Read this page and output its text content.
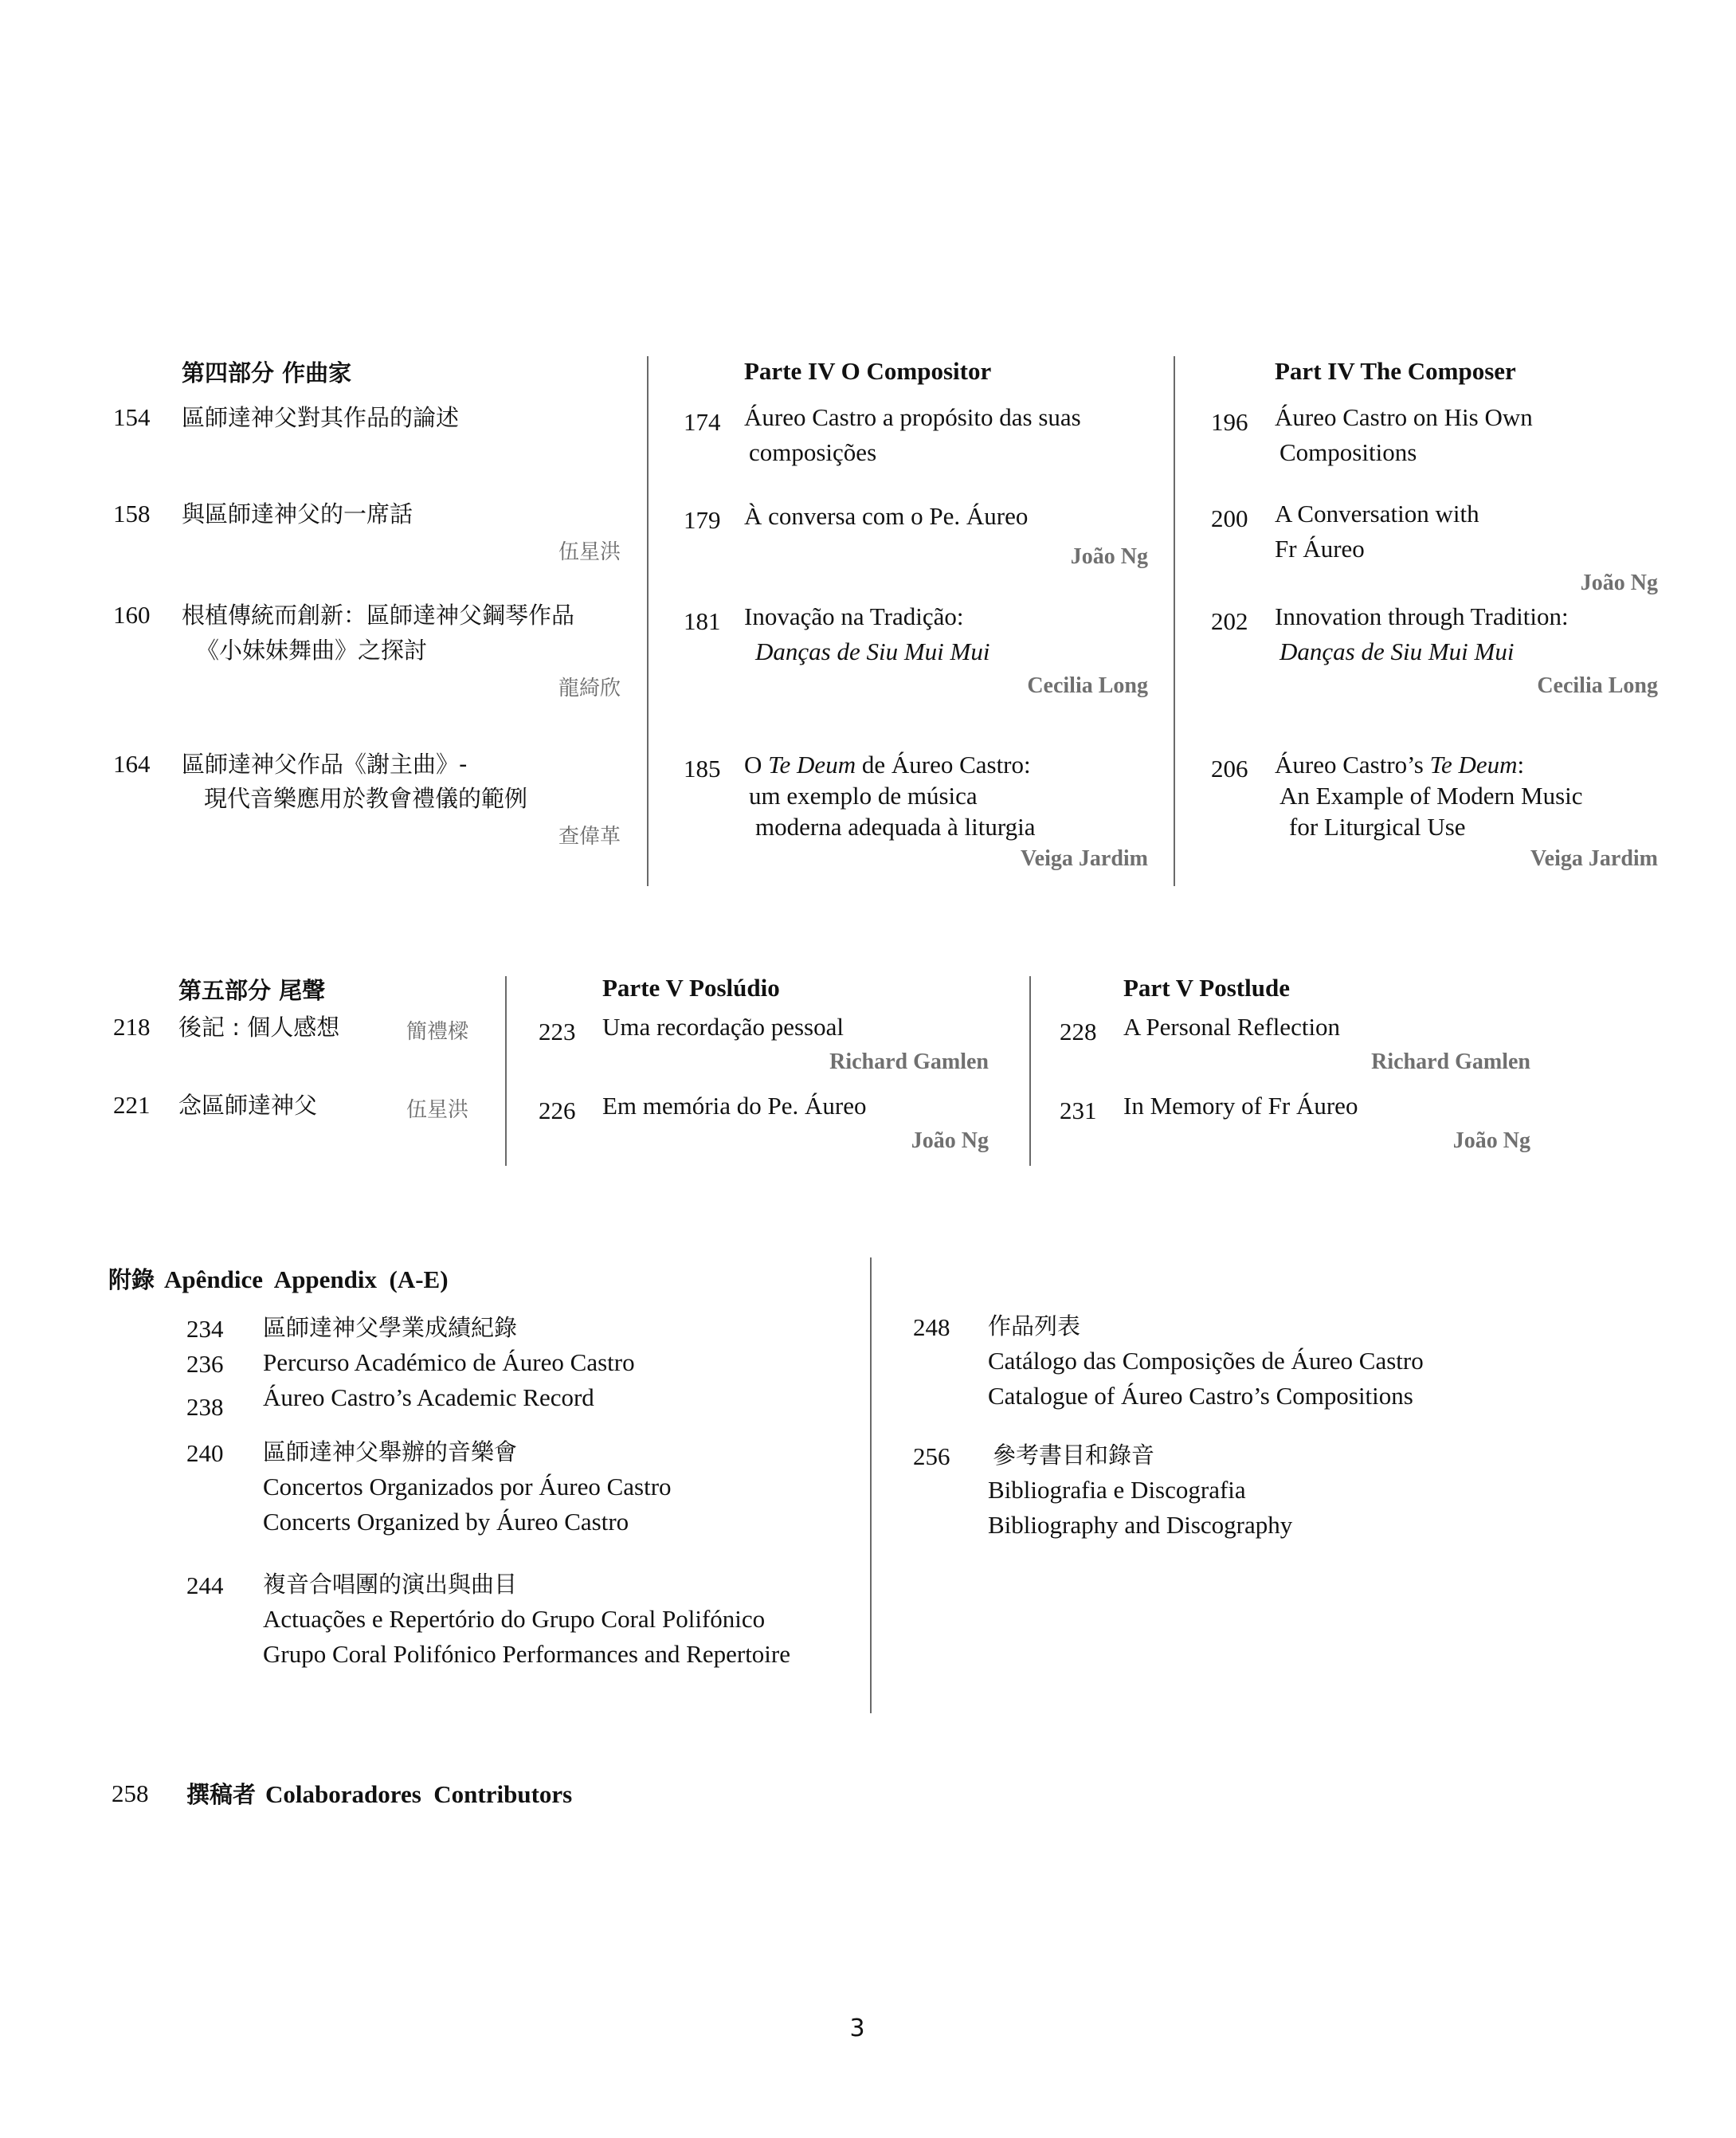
第四部分 作曲家
154 區師達神父對其作品的論述
158 與區師達神父的一席話
伍星洪
160 根植傳統而創新：區師達神父鋼琴作品
《小妹妹舞曲》之探討
龍綺欣
164 區師達神父作品《謝主曲》-
現代音樂應用於教會禮儀的範例
查偉革
Parte IV O Compositor
174 Áureo Castro a propósito das suas
composições
179 À conversa com o Pe. Áureo
João Ng
181 Inovação na Tradição:
Danças de Siu Mui Mui
Cecilia Long
185 O Te Deum de Áureo Castro:
um exemplo de música
moderna adequada à liturgia
Veiga Jardim
Part IV The Composer
196 Áureo Castro on His Own
Compositions
200 A Conversation with
Fr Áureo
João Ng
202 Innovation through Tradition:
Danças de Siu Mui Mui
Cecilia Long
206 Áureo Castro’s Te Deum:
An Example of Modern Music
for Liturgical Use
Veiga Jardim
第五部分 尾聲
218 後記 : 個人感想	簡禮樑
221 念區師達神父	伍星洪
Parte V Poslúdio
223 Uma recordação pessoal
Richard Gamlen
226 Em memória do Pe. Áureo
João Ng
Part V Postlude
228 A Personal Reflection
Richard Gamlen
231 In Memory of Fr Áureo
João Ng
附錄 Apêndice  Appendix  (A-E)
234
236
238
區師達神父學業成績紀錄
Percurso Académico de Áureo Castro
Áureo Castro’s Academic Record
240 區師達神父舉辦的音樂會
Concertos Organizados por Áureo Castro
Concerts Organized by Áureo Castro
244 複音合唱團的演出與曲目
Actuações e Repertório do Grupo Coral Polifónico
Grupo Coral Polifónico Performances and Repertoire
248 作品列表
Catálogo das Composições de Áureo Castro
Catalogue of Áureo Castro’s Compositions
256 參考書目和錄音
Bibliografia e Discografia
Bibliography and Discography
258 撰稿者 Colaboradores  Contributors
3
